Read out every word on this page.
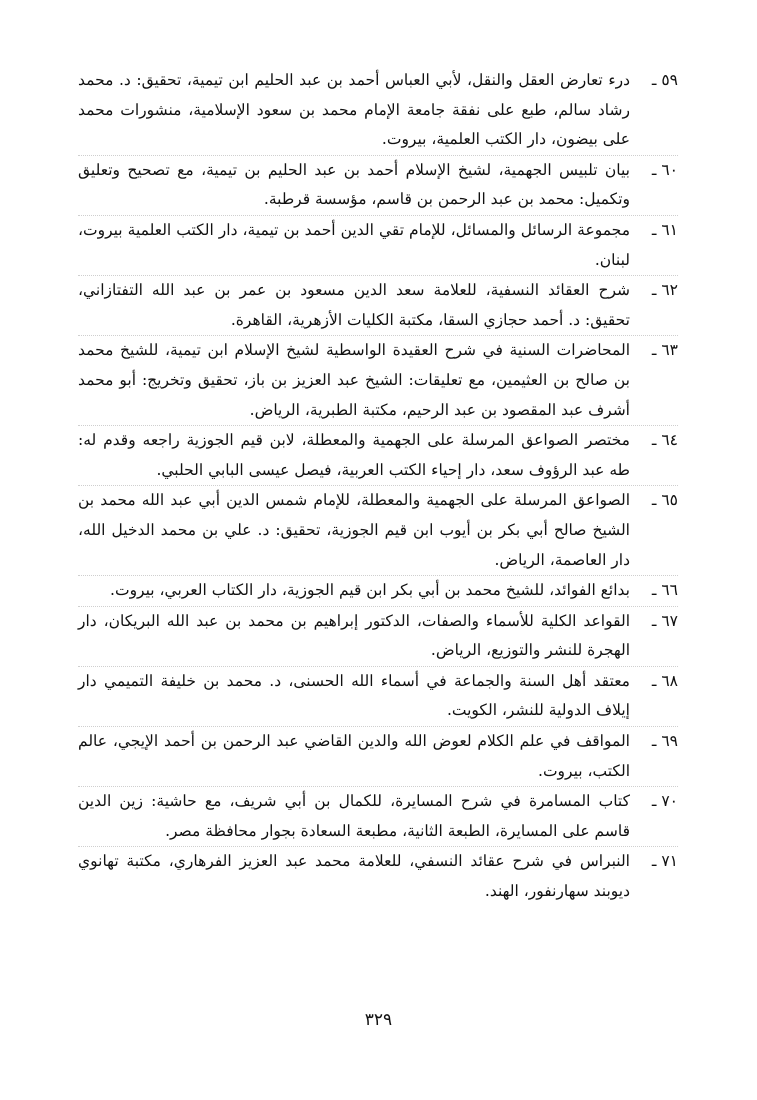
٥٩ ـ
درء تعارض العقل والنقل، لأبي العباس أحمد بن عبد الحليم ابن تيمية، تحقيق: د. محمد رشاد سالم، طبع على نفقة جامعة الإمام محمد بن سعود الإسلامية، منشورات محمد على بيضون، دار الكتب العلمية، بيروت.
٦٠ ـ
بيان تلبيس الجهمية، لشيخ الإسلام أحمد بن عبد الحليم بن تيمية، مع تصحيح وتعليق وتكميل: محمد بن عبد الرحمن بن قاسم، مؤسسة قرطبة.
٦١ ـ
مجموعة الرسائل والمسائل، للإمام تقي الدين أحمد بن تيمية، دار الكتب العلمية بيروت، لبنان.
٦٢ ـ
شرح العقائد النسفية، للعلامة سعد الدين مسعود بن عمر بن عبد الله التفتازاني، تحقيق: د. أحمد حجازي السقا، مكتبة الكليات الأزهرية، القاهرة.
٦٣ ـ
المحاضرات السنية في شرح العقيدة الواسطية لشيخ الإسلام ابن تيمية، للشيخ محمد بن صالح بن العثيمين، مع تعليقات: الشيخ عبد العزيز بن باز، تحقيق وتخريج: أبو محمد أشرف عبد المقصود بن عبد الرحيم، مكتبة الطبرية، الرياض.
٦٤ ـ
مختصر الصواعق المرسلة على الجهمية والمعطلة، لابن قيم الجوزية راجعه وقدم له: طه عبد الرؤوف سعد، دار إحياء الكتب العربية، فيصل عيسى البابي الحلبي.
٦٥ ـ
الصواعق المرسلة على الجهمية والمعطلة، للإمام شمس الدين أبي عبد الله محمد بن الشيخ صالح أبي بكر بن أيوب ابن قيم الجوزية، تحقيق: د. علي بن محمد الدخيل الله، دار العاصمة، الرياض.
٦٦ ـ
بدائع الفوائد، للشيخ محمد بن أبي بكر ابن قيم الجوزية، دار الكتاب العربي، بيروت.
٦٧ ـ
القواعد الكلية للأسماء والصفات، الدكتور إبراهيم بن محمد بن عبد الله البريكان، دار الهجرة للنشر والتوزيع، الرياض.
٦٨ ـ
معتقد أهل السنة والجماعة في أسماء الله الحسنى، د. محمد بن خليفة التميمي دار إيلاف الدولية للنشر، الكويت.
٦٩ ـ
المواقف في علم الكلام لعوض الله والدين القاضي عبد الرحمن بن أحمد الإيجي، عالم الكتب، بيروت.
٧٠ ـ
كتاب المسامرة في شرح المسايرة، للكمال بن أبي شريف، مع حاشية: زين الدين قاسم على المسايرة، الطبعة الثانية، مطبعة السعادة بجوار محافظة مصر.
٧١ ـ
النبراس في شرح عقائد النسفي، للعلامة محمد عبد العزيز الفرهاري، مكتبة تهانوي ديوبند سهارنفور، الهند.
٣٢٩
